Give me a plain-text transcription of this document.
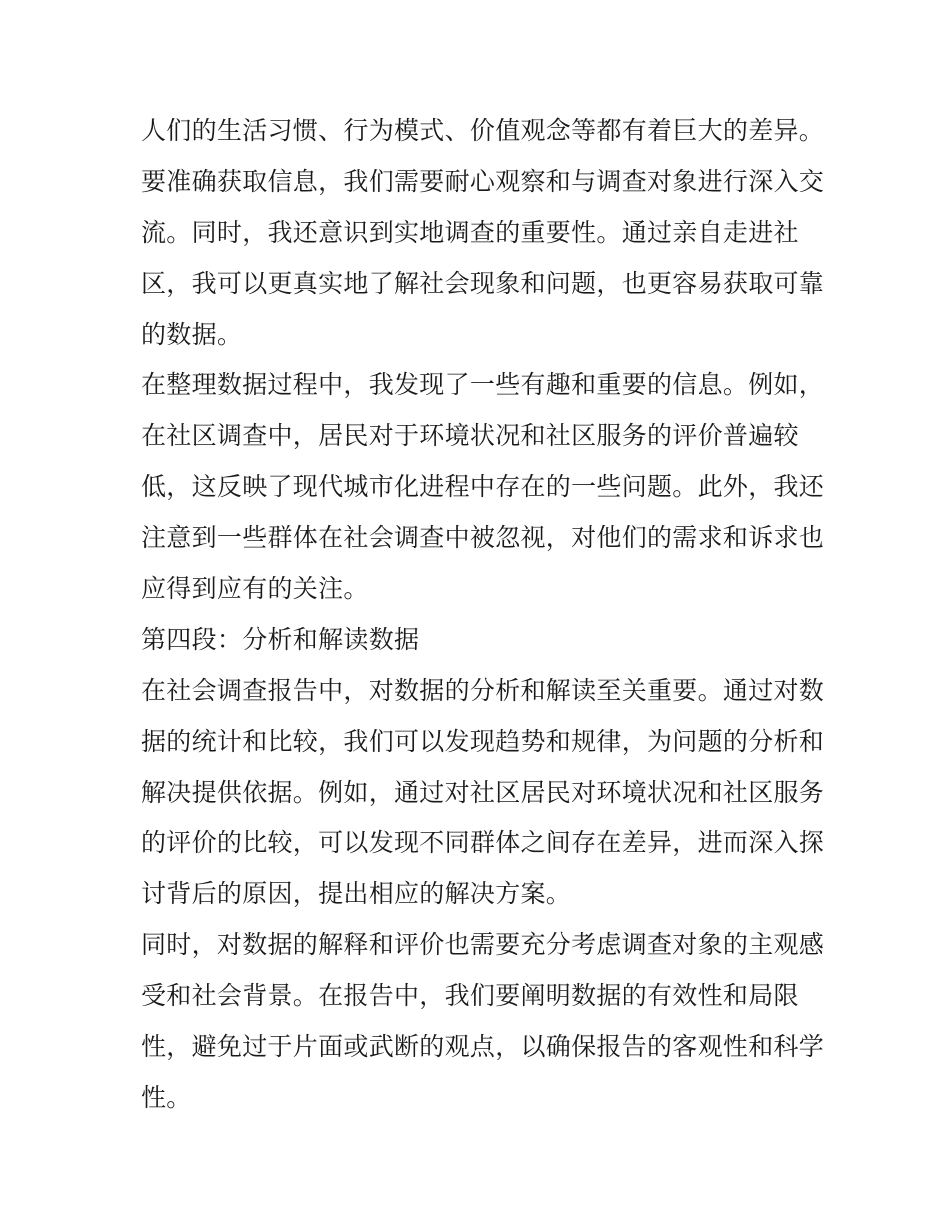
人们的生活习惯、行为模式、价值观念等都有着巨大的差异。
要准确获取信息，我们需要耐心观察和与调查对象进行深入交
流。同时，我还意识到实地调查的重要性。通过亲自走进社
区，我可以更真实地了解社会现象和问题，也更容易获取可靠
的数据。
在整理数据过程中，我发现了一些有趣和重要的信息。例如，
在社区调查中，居民对于环境状况和社区服务的评价普遍较
低，这反映了现代城市化进程中存在的一些问题。此外，我还
注意到一些群体在社会调查中被忽视，对他们的需求和诉求也
应得到应有的关注。
第四段：分析和解读数据
在社会调查报告中，对数据的分析和解读至关重要。通过对数
据的统计和比较，我们可以发现趋势和规律，为问题的分析和
解决提供依据。例如，通过对社区居民对环境状况和社区服务
的评价的比较，可以发现不同群体之间存在差异，进而深入探
讨背后的原因，提出相应的解决方案。
同时，对数据的解释和评价也需要充分考虑调查对象的主观感
受和社会背景。在报告中，我们要阐明数据的有效性和局限
性，避免过于片面或武断的观点，以确保报告的客观性和科学
性。
